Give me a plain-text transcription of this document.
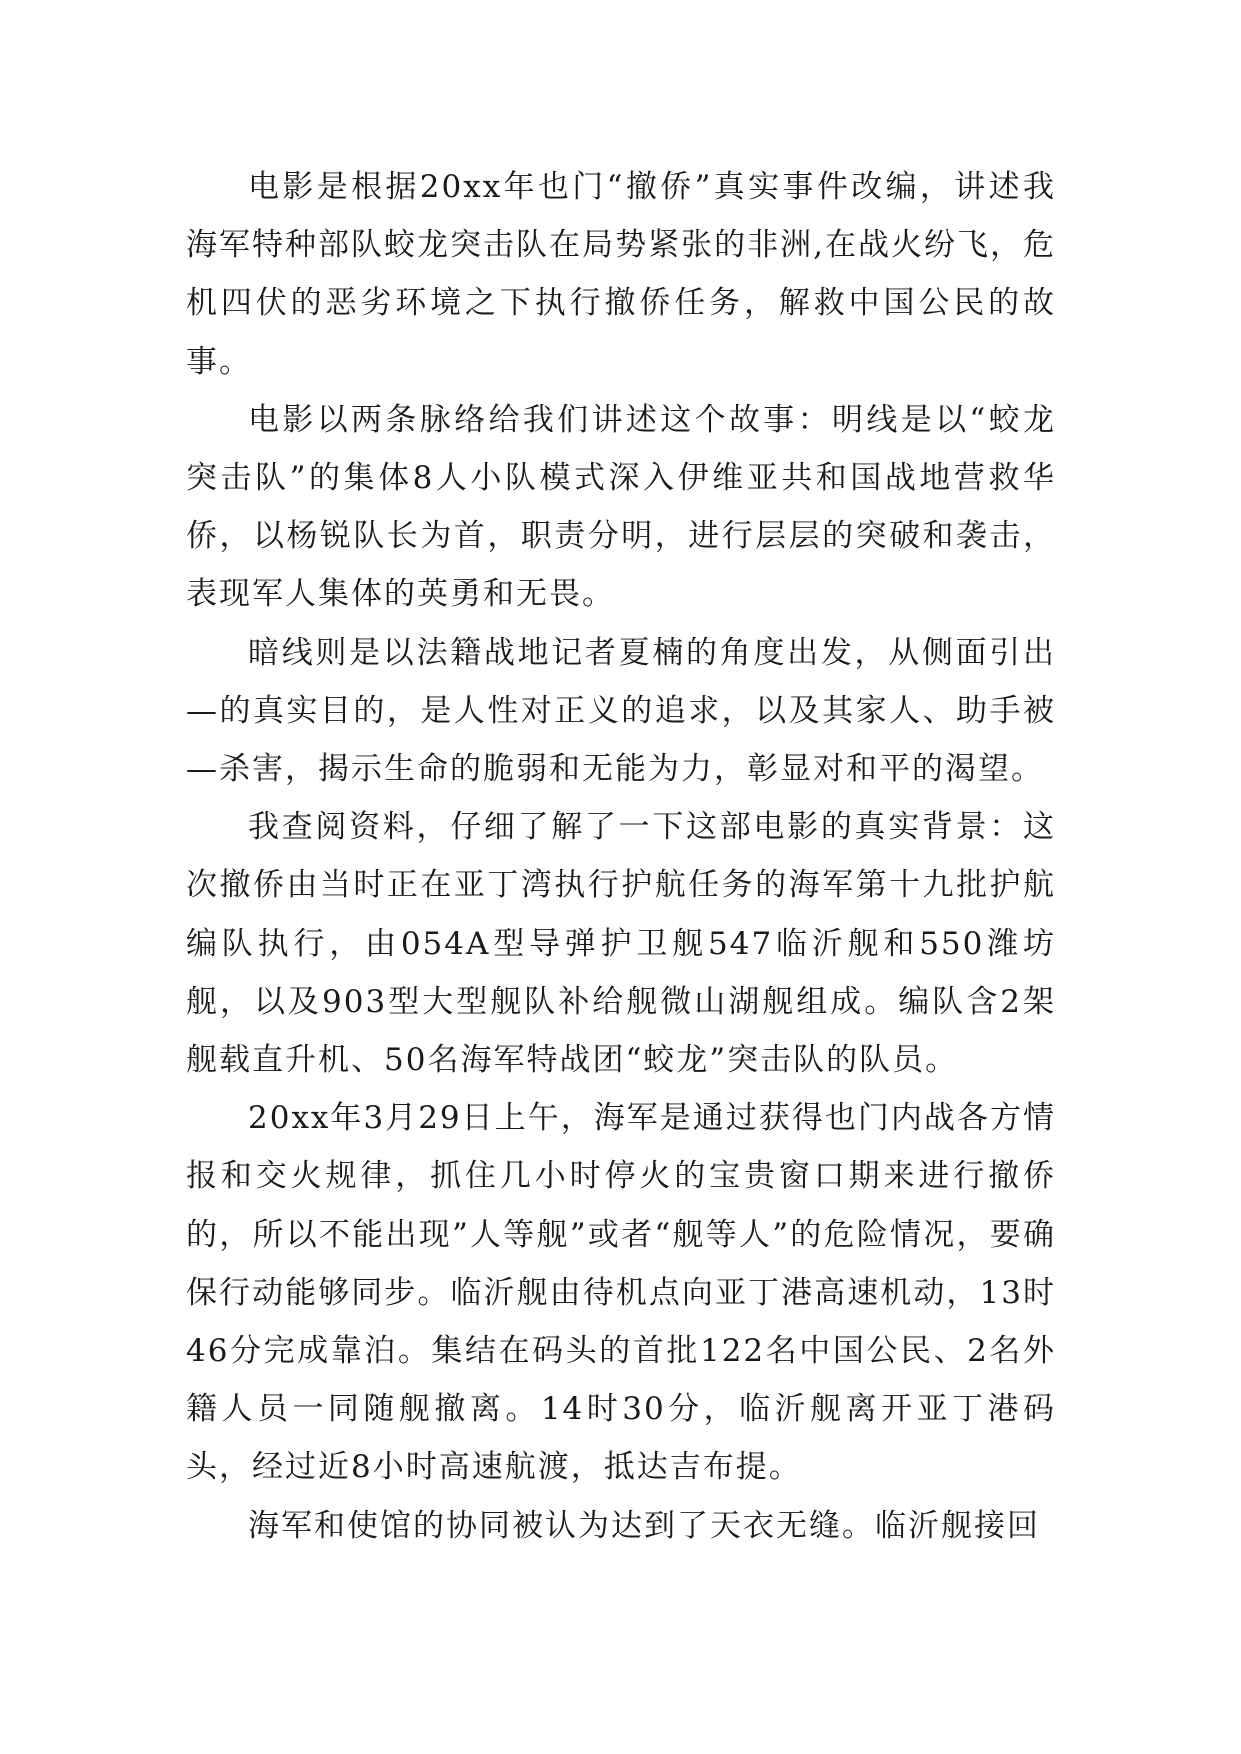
电影是根据20xx年也门“撤侨”真实事件改编，讲述我海军特种部队蛟龙突击队在局势紧张的非洲,在战火纷飞，危机四伏的恶劣环境之下执行撤侨任务，解救中国公民的故事。

电影以两条脉络给我们讲述这个故事：明线是以“蛟龙突击队”的集体8人小队模式深入伊维亚共和国战地营救华侨，以杨锐队长为首，职责分明，进行层层的突破和袭击，表现军人集体的英勇和无畏。

暗线则是以法籍战地记者夏楠的角度出发，从侧面引出—的真实目的，是人性对正义的追求，以及其家人、助手被—杀害，揭示生命的脆弱和无能为力，彰显对和平的渴望。

我查阅资料，仔细了解了一下这部电影的真实背景：这次撤侨由当时正在亚丁湾执行护航任务的海军第十九批护航编队执行，由054A型导弹护卫舰547临沂舰和550潍坊舰，以及903型大型舰队补给舰微山湖舰组成。编队含2架舰载直升机、50名海军特战团“蛟龙”突击队的队员。

20xx年3月29日上午，海军是通过获得也门内战各方情报和交火规律，抓住几小时停火的宝贵窗口期来进行撤侨的，所以不能出现”人等舰”或者“舰等人”的危险情况，要确保行动能够同步。临沂舰由待机点向亚丁港高速机动，13时46分完成靠泊。集结在码头的首批122名中国公民、2名外籍人员一同随舰撤离。14时30分，临沂舰离开亚丁港码头，经过近8小时高速航渡，抵达吉布提。

海军和使馆的协同被认为达到了天衣无缝。临沂舰接回
